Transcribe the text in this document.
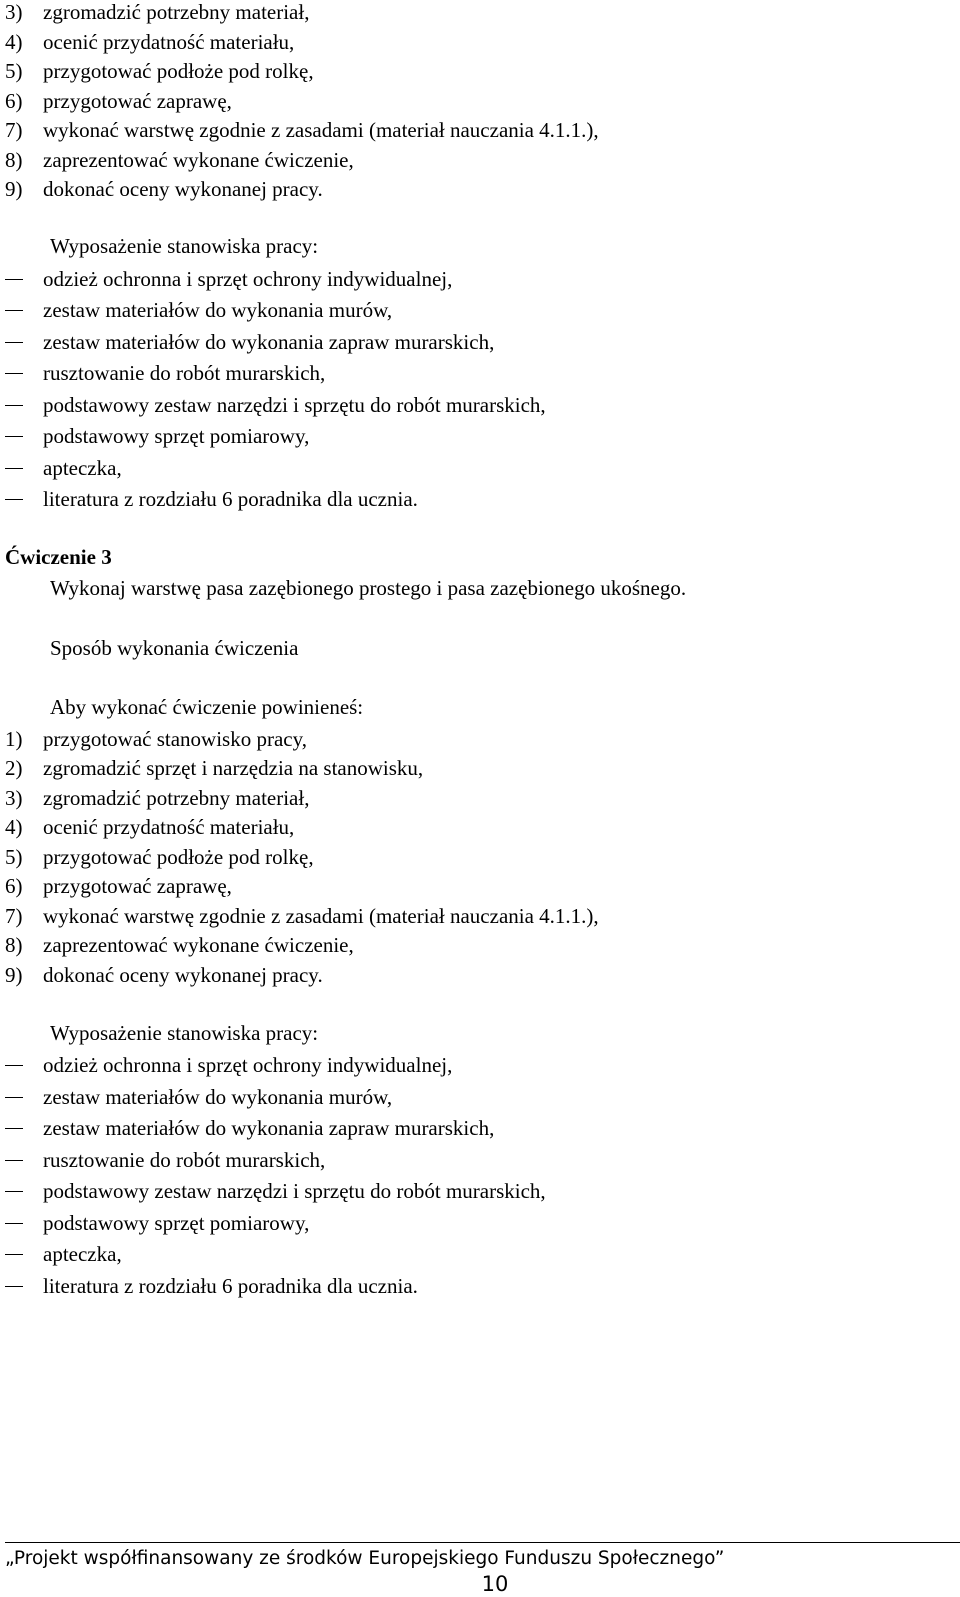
3) zgromadzić potrzebny materiał,
4) ocenić przydatność materiału,
5) przygotować podłoże pod rolkę,
6) przygotować zaprawę,
7) wykonać warstwę zgodnie z zasadami (materiał nauczania 4.1.1.),
8) zaprezentować wykonane ćwiczenie,
9) dokonać oceny wykonanej pracy.
Wyposażenie stanowiska pracy:
odzież ochronna i sprzęt ochrony indywidualnej,
zestaw materiałów do wykonania murów,
zestaw materiałów do wykonania zapraw murarskich,
rusztowanie do robót murarskich,
podstawowy zestaw narzędzi i sprzętu do robót murarskich,
podstawowy sprzęt pomiarowy,
apteczka,
literatura z rozdziału 6 poradnika dla ucznia.
Ćwiczenie 3
Wykonaj warstwę pasa zazębionego prostego i pasa zazębionego ukośnego.
Sposób wykonania ćwiczenia
Aby wykonać ćwiczenie powinieneś:
1) przygotować stanowisko pracy,
2) zgromadzić sprzęt i narzędzia na stanowisku,
3) zgromadzić potrzebny materiał,
4) ocenić przydatność materiału,
5) przygotować podłoże pod rolkę,
6) przygotować zaprawę,
7) wykonać warstwę zgodnie z zasadami (materiał nauczania 4.1.1.),
8) zaprezentować wykonane ćwiczenie,
9) dokonać oceny wykonanej pracy.
Wyposażenie stanowiska pracy:
odzież ochronna i sprzęt ochrony indywidualnej,
zestaw materiałów do wykonania murów,
zestaw materiałów do wykonania zapraw murarskich,
rusztowanie do robót murarskich,
podstawowy zestaw narzędzi i sprzętu do robót murarskich,
podstawowy sprzęt pomiarowy,
apteczka,
literatura z rozdziału 6 poradnika dla ucznia.
„Projekt współfinansowany ze środków Europejskiego Funduszu Społecznego”
10
